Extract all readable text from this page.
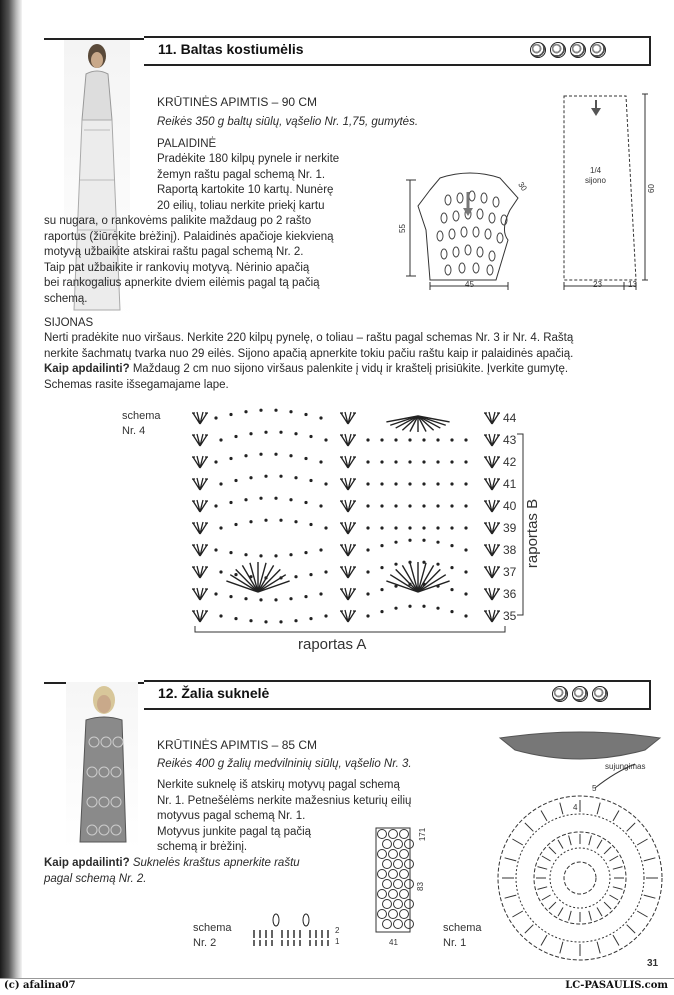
11. Baltas kostiumėlis
KRŪTINĖS APIMTIS – 90 CM
Reikės 350 g baltų siūlų, vąšelio Nr. 1,75, gumytės.
PALAIDINĖ
Pradėkite 180 kilpų pynele ir nerkite
žemyn raštu pagal schemą Nr. 1.
Raportą kartokite 10 kartų. Nunėrę
20 eilių, toliau nerkite priekį kartu
su nugara, o rankovėms palikite maždaug po 2 rašto
raportus (žiūrėkite brėžinį). Palaidinės apačioje kiekvieną
motyvą užbaikite atskirai raštu pagal schemą Nr. 2.
Taip pat užbaikite ir rankovių motyvą. Nėrinio apačią
bei rankogalius apnerkite dviem eilėmis pagal tą pačią
schemą.
SIJONAS
Nerti pradėkite nuo viršaus. Nerkite 220 kilpų pynelę, o toliau – raštu pagal schemas Nr. 3 ir Nr. 4. Raštą
nerkite šachmatų tvarka nuo 29 eilės. Sijono apačią apnerkite tokiu pačiu raštu kaip ir palaidinės apačią.
Kaip apdailinti? Maždaug 2 cm nuo sijono viršaus palenkite į vidų ir kraštelį prisiūkite. Įverkite gumytę.
Schemas rasite išsegamajame lape.
55
45
30
1/4
sijono
60
23	13
schema
Nr. 4
44
43
42
41
40
39
38
37
36
35
raportas B
raportas A
12. Žalia suknelė
KRŪTINĖS APIMTIS – 85 CM
Reikės 400 g žalių medvilninių siūlų, vąšelio Nr. 3.
Nerkite suknelę iš atskirų motyvų pagal schemą
Nr. 1. Petnešėlėms nerkite mažesnius keturių eilių
motyvus pagal schemą Nr. 1.
Motyvus junkite pagal tą pačią
schemą ir brėžinį.
Kaip apdailinti? Suknelės kraštus apnerkite raštu
pagal schemą Nr. 2.
171
83
41
schema
Nr. 2
2
1
schema
Nr. 1
sujungimas
4
5
31
(c) afalina07	LC-PASAULIS.com
